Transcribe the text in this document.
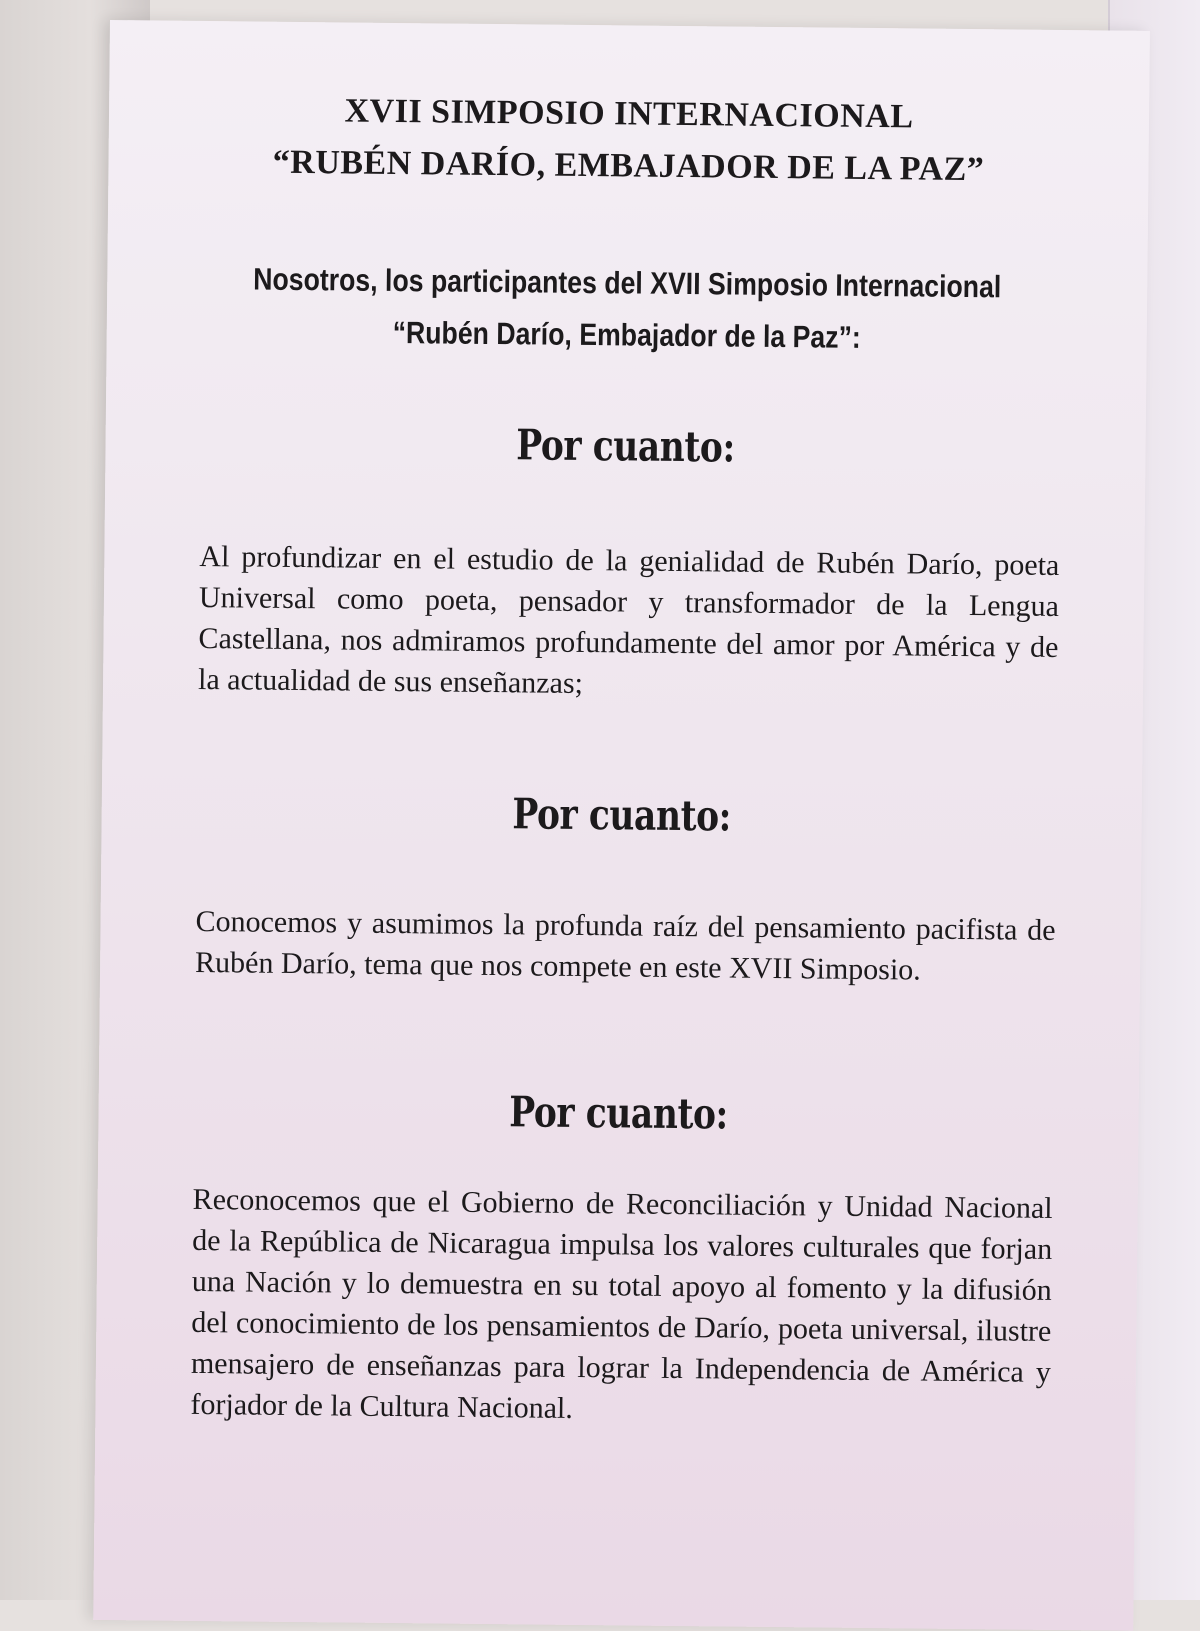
XVII SIMPOSIO INTERNACIONAL
“RUBÉN DARÍO, EMBAJADOR DE LA PAZ”

Nosotros, los participantes del XVII Simposio Internacional

“Rubén Darío, Embajador de la Paz”:

Por cuanto:

Al profundizar en el estudio de la genialidad de Rubén Darío, poeta Universal como poeta, pensador y transformador de la Lengua Castellana, nos admiramos profundamente del amor por América y de la actualidad de sus enseñanzas;

Por cuanto:

Conocemos y asumimos la profunda raíz del pensamiento pacifista de Rubén Darío, tema que nos compete en este XVII Simposio.

Por cuanto:

Reconocemos que el Gobierno de Reconciliación y Unidad Nacional de la República de Nicaragua impulsa los valores culturales que forjan una Nación y lo demuestra en su total apoyo al fomento y la difusión del conocimiento de los pensamientos de Darío, poeta universal, ilustre mensajero de enseñanzas para lograr la Independencia de América y forjador de la Cultura Nacional.
